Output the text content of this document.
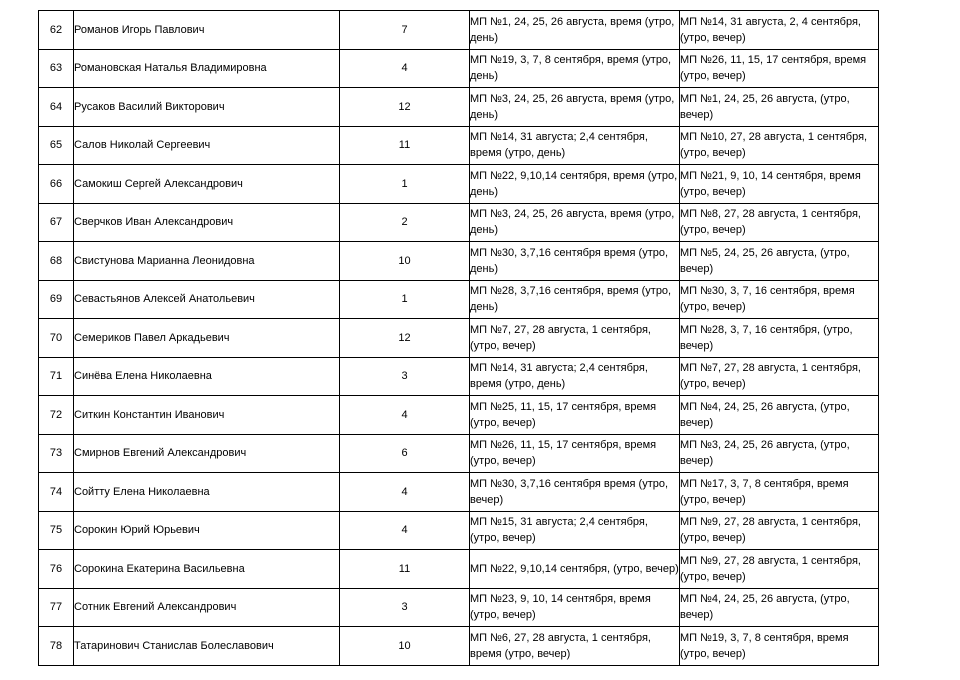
62	Романов Игорь Павлович	7	МП №1, 24, 25, 26 августа, время (утро, день)	МП №14, 31 августа, 2, 4 сентября, (утро, вечер)
63	Романовская Наталья Владимировна	4	МП №19, 3, 7, 8 сентября, время (утро, день)	МП №26, 11, 15, 17 сентября, время (утро, вечер)
64	Русаков Василий Викторович	12	МП №3, 24, 25, 26 августа, время (утро, день)	МП №1, 24, 25, 26 августа, (утро, вечер)
65	Салов Николай Сергеевич	11	МП №14, 31 августа; 2,4 сентября, время (утро, день)	МП №10, 27, 28 августа, 1 сентября, (утро, вечер)
66	Самокиш Сергей Александрович	1	МП №22, 9,10,14 сентября, время (утро, день)	МП №21, 9, 10, 14 сентября, время (утро, вечер)
67	Сверчков Иван Александрович	2	МП №3, 24, 25, 26 августа, время (утро, день)	МП №8, 27, 28 августа, 1 сентября, (утро, вечер)
68	Свистунова Марианна Леонидовна	10	МП №30, 3,7,16 сентября время (утро, день)	МП №5, 24, 25, 26 августа, (утро, вечер)
69	Севастьянов Алексей Анатольевич	1	МП №28, 3,7,16 сентября, время (утро, день)	МП №30, 3, 7, 16 сентября, время (утро, вечер)
70	Семериков Павел Аркадьевич	12	МП №7, 27, 28 августа, 1 сентября, (утро, вечер)	МП №28, 3, 7, 16 сентября, (утро, вечер)
71	Синёва Елена Николаевна	3	МП №14, 31 августа; 2,4 сентября, время (утро, день)	МП №7, 27, 28 августа, 1 сентября, (утро, вечер)
72	Ситкин Константин Иванович	4	МП №25, 11, 15, 17 сентября, время (утро, вечер)	МП №4, 24, 25, 26 августа, (утро, вечер)
73	Смирнов Евгений Александрович	6	МП №26, 11, 15, 17 сентября, время (утро, вечер)	МП №3, 24, 25, 26 августа, (утро, вечер)
74	Сойтту Елена Николаевна	4	МП №30, 3,7,16 сентября время (утро, вечер)	МП №17, 3, 7, 8 сентября, время (утро, вечер)
75	Сорокин Юрий Юрьевич	4	МП №15, 31 августа; 2,4 сентября, (утро, вечер)	МП №9, 27, 28 августа, 1 сентября, (утро, вечер)
76	Сорокина Екатерина Васильевна	11	МП №22, 9,10,14 сентября, (утро, вечер)	МП №9, 27, 28 августа, 1 сентября, (утро, вечер)
77	Сотник Евгений Александрович	3	МП №23, 9, 10, 14 сентября, время (утро, вечер)	МП №4, 24, 25, 26 августа, (утро, вечер)
78	Татаринович Станислав Болеславович	10	МП №6, 27, 28 августа, 1 сентября, время (утро, вечер)	МП №19, 3, 7, 8 сентября, время (утро, вечер)
